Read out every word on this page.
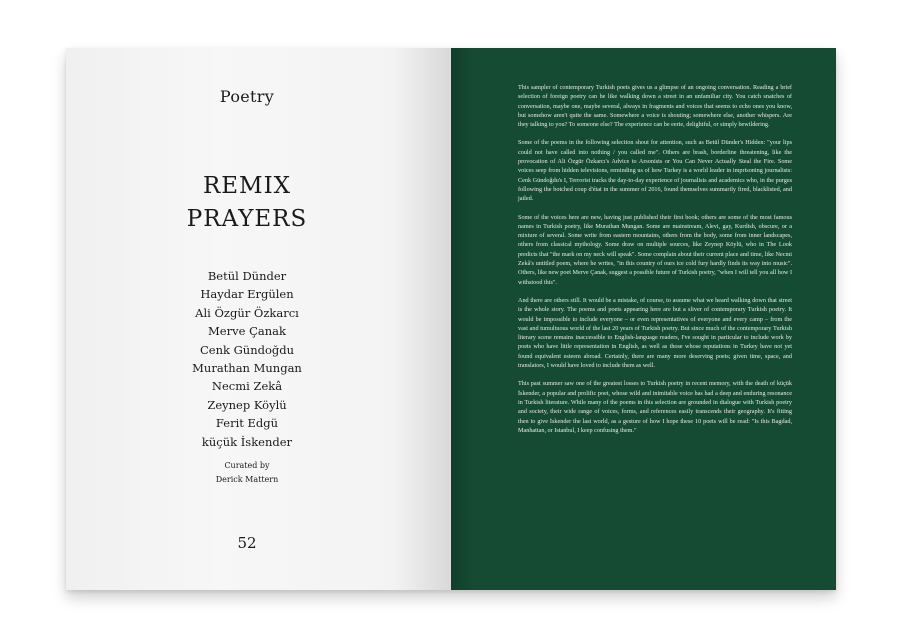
Poetry
REMIX
PRAYERS
Betül Dünder
Haydar Ergülen
Ali Özgür Özkarcı
Merve Çanak
Cenk Gündoğdu
Murathan Mungan
Necmi Zekâ
Zeynep Köylü
Ferit Edgü
küçük İskender
Curated by
Derick Mattern
52

This sampler of contemporary Turkish poets gives us a glimpse of an ongoing conversation. Reading a brief selection of foreign poetry can be like walking down a street in an unfamiliar city. You catch snatches of conversation, maybe one, maybe several, always in fragments and voices that seems to echo ones you know, but somehow aren't quite the same. Somewhere a voice is shouting; somewhere else, another whispers. Are they talking to you? To someone else? The experience can be eerie, delightful, or simply bewildering.

Some of the poems in the following selection shout for attention, such as Betül Dünder's Hidden: "your lips could not have called into nothing / you called me". Others are brash, borderline threatening, like the provocation of Ali Özgür Özkarcı's Advice to Arsonists or You Can Never Actually Steal the Fire. Some voices seep from hidden televisions, reminding us of how Turkey is a world leader in imprisoning journalists: Cenk Gündoğdu's I, Terrorist tracks the day-to-day experience of journalists and academics who, in the purges following the botched coup d'état in the summer of 2016, found themselves summarily fired, blacklisted, and jailed.

Some of the voices here are new, having just published their first book; others are some of the most famous names in Turkish poetry, like Murathan Mungan. Some are mainstream, Alevi, gay, Kurdish, obscure, or a mixture of several. Some write from eastern mountains, others from the body, some from inner landscapes, others from classical mythology. Some draw on multiple sources, like Zeynep Köylü, who in The Look predicts that "the mark on my neck will speak". Some complain about their current place and time, like Necmi Zekâ's untitled poem, where he writes, "in this country of ours ice cold fury hardly finds its way into music". Others, like new poet Merve Çanak, suggest a possible future of Turkish poetry, "when I will tell you all how I withstood this".

And there are others still. It would be a mistake, of course, to assume what we heard walking down that street is the whole story. The poems and poets appearing here are but a sliver of contemporary Turkish poetry. It would be impossible to include everyone – or even representatives of everyone and every camp – from the vast and tumultuous world of the last 20 years of Turkish poetry. But since much of the contemporary Turkish literary scene remains inaccessible to English-language readers, I've sought in particular to include work by poets who have little representation in English, as well as those whose reputations in Turkey have not yet found equivalent esteem abroad. Certainly, there are many more deserving poets; given time, space, and translators, I would have loved to include them as well.

This past summer saw one of the greatest losses to Turkish poetry in recent memory, with the death of küçük İskender, a popular and prolific poet, whose wild and inimitable voice has had a deep and enduring resonance in Turkish literature. While many of the poems in this selection are grounded in dialogue with Turkish poetry and society, their wide range of voices, forms, and references easily transcends their geography. It's fitting then to give İskender the last world, as a gesture of how I hope these 10 poets will be read: "Is this Bagdad, Manhattan, or Istanbul, I keep confusing them."
